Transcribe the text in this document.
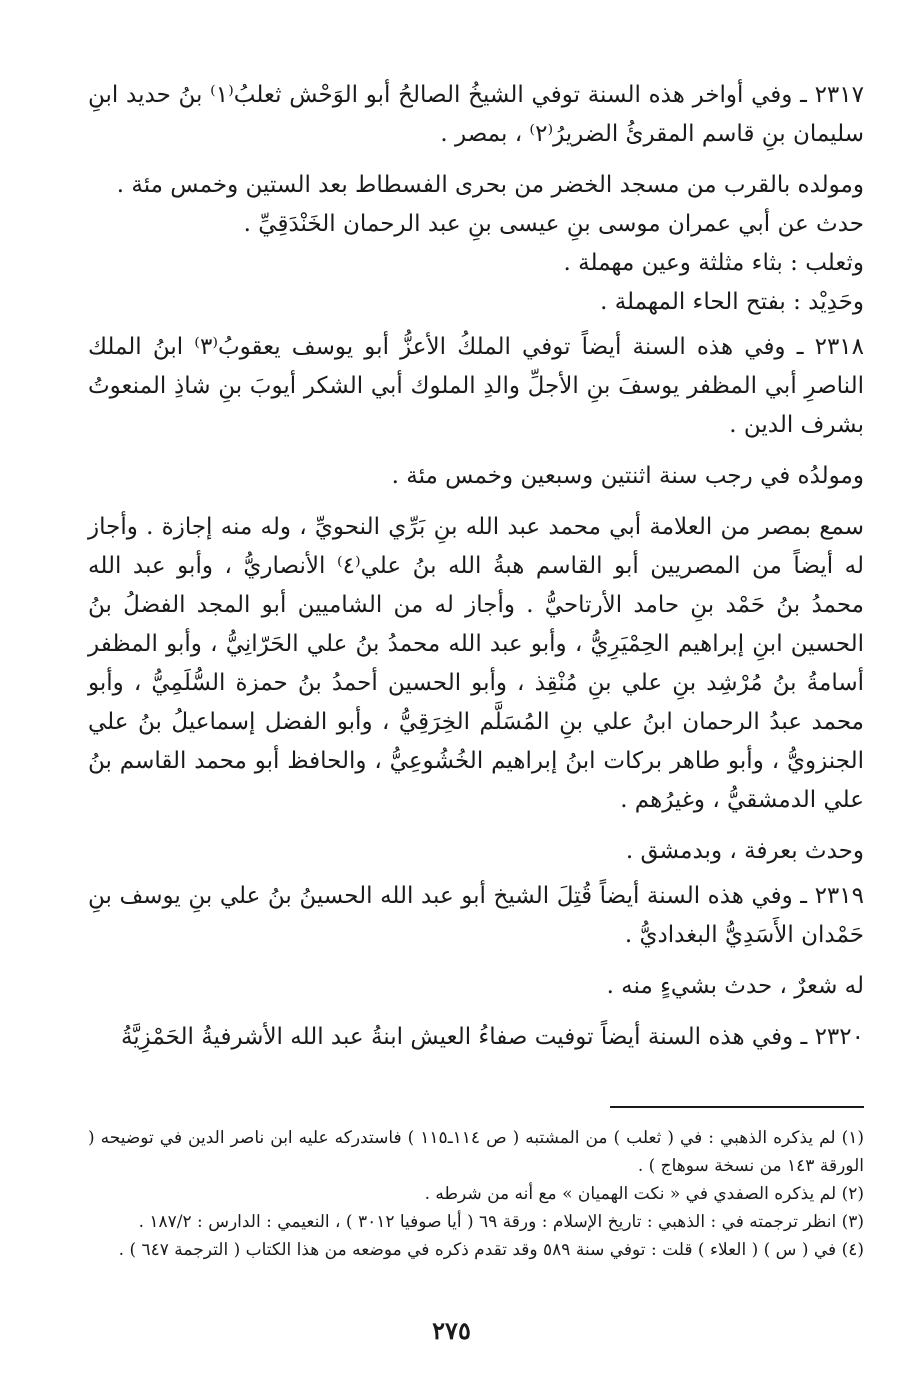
٢٣١٧ ـ وفي أواخر هذه السنة توفي الشيخُ الصالحُ أبو الوَحْش ثعلبُ⁽١⁾ بنُ حديد ابنِ سليمان بنِ قاسم المقرئُ الضريرُ⁽٢⁾ ، بمصر .

ومولده بالقرب من مسجد الخضر من بحرى الفسطاط بعد الستين وخمس مئة .

حدث عن أبي عمران موسى بنِ عيسى بنِ عبد الرحمان الخَنْدَقِيِّ .

وثعلب : بثاء مثلثة وعين مهملة .

وحَدِيْد : بفتح الحاء المهملة .

٢٣١٨ ـ وفي هذه السنة أيضاً توفي الملكُ الأعزُّ أبو يوسف يعقوبُ⁽٣⁾ ابنُ الملك الناصرِ أبي المظفر يوسفَ بنِ الأجلِّ والدِ الملوك أبي الشكر أيوبَ بنِ شاذِ المنعوتُ بشرف الدين .

ومولدُه في رجب سنة اثنتين وسبعين وخمس مئة .

سمع بمصر من العلامة أبي محمد عبد الله بنِ بَرِّي النحويِّ ، وله منه إجازة . وأجاز له أيضاً من المصريين أبو القاسم هبةُ الله بنُ علي⁽٤⁾ الأنصاريُّ ، وأبو عبد الله محمدُ بنُ حَمْد بنِ حامد الأرتاحيُّ . وأجاز له من الشاميين أبو المجد الفضلُ بنُ الحسين ابنِ إبراهيم الحِمْيَرِيُّ ، وأبو عبد الله محمدُ بنُ علي الحَرّانِيُّ ، وأبو المظفر أسامةُ بنُ مُرْشِد بنِ علي بنِ مُنْقِذ ، وأبو الحسين أحمدُ بنُ حمزة السُّلَمِيُّ ، وأبو محمد عبدُ الرحمان ابنُ علي بنِ المُسَلَّم الخِرَقِيُّ ، وأبو الفضل إسماعيلُ بنُ علي الجنزويُّ ، وأبو طاهر بركات ابنُ إبراهيم الخُشُوعِيُّ ، والحافظ أبو محمد القاسم بنُ علي الدمشقيُّ ، وغيرُهم .

وحدث بعرفة ، وبدمشق .

٢٣١٩ ـ وفي هذه السنة أيضاً قُتِلَ الشيخ أبو عبد الله الحسينُ بنُ علي بنِ يوسف بنِ حَمْدان الأَسَدِيُّ البغداديُّ .

له شعرٌ ، حدث بشيءٍ منه .

٢٣٢٠ ـ وفي هذه السنة أيضاً توفيت صفاءُ العيش ابنةُ عبد الله الأشرفيةُ الحَمْزِيَّةُ

(١) لم يذكره الذهبي : في ( ثعلب ) من المشتبه ( ص ١١٤ـ١١٥ ) فاستدركه عليه ابن ناصر الدين في توضيحه ( الورقة ١٤٣ من نسخة سوهاج ) .

(٢) لم يذكره الصفدي في « نكت الهميان » مع أنه من شرطه .

(٣) انظر ترجمته في : الذهبي : تاريخ الإسلام : ورقة ٦٩ ( أيا صوفيا ٣٠١٢ ) ، النعيمي : الدارس : ١٨٧/٢ .

(٤) في ( س ) ( العلاء ) قلت : توفي سنة ٥٨٩ وقد تقدم ذكره في موضعه من هذا الكتاب ( الترجمة ٦٤٧ ) .

٢٧٥
